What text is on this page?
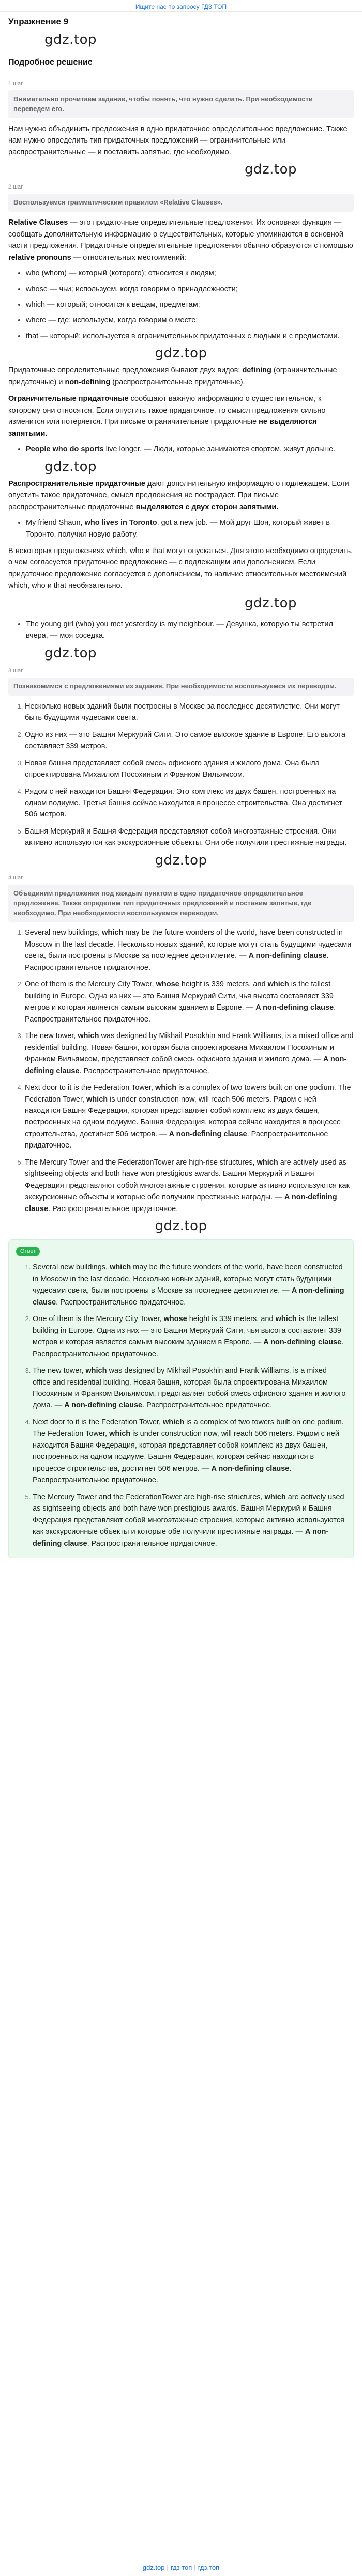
Ищите нас по запросу ГДЗ ТОП
Упражнение 9
gdz.top
Подробное решение
1 шаг
Внимательно прочитаем задание, чтобы понять, что нужно сделать. При необходимости переведем его.

Нам нужно объединить предложения в одно придаточное определительное предложение. Также нам нужно определить тип придаточных предложений — ограничительные или распространительные — и поставить запятые, где необходимо.

gdz.top
2 шаг
Воспользуемся грамматическим правилом «Relative Clauses».

Relative Clauses — это придаточные определительные предложения. Их основная функция — сообщать дополнительную информацию о существительных, которые упоминаются в основной части предложения. Придаточные определительные предложения обычно образуются с помощью relative pronouns — относительных местоимений:

• who (whom) — который (которого); относится к людям;
• whose — чьи; используем, когда говорим о принадлежности;
• which — который; относится к вещам, предметам;
• where — где; используем, когда говорим о месте;
• that — который; используется в ограничительных придаточных с людьми и с предметами.
gdz.top

Придаточные определительные предложения бывают двух видов: defining (ограничительные придаточные) и non-defining (распространительные придаточные).

Ограничительные придаточные сообщают важную информацию о существительном, к которому они относятся. Если опустить такое придаточное, то смысл предложения сильно изменится или потеряется. При письме ограничительные придаточные не выделяются запятыми.

• People who do sports live longer. — Люди, которые занимаются спортом, живут дольше.
gdz.top

Распространительные придаточные дают дополнительную информацию о подлежащем. Если опустить такое придаточное, смысл предложения не пострадает. При письме распространительные придаточные выделяются с двух сторон запятыми.

• My friend Shaun, who lives in Toronto, got a new job. — Мой друг Шон, который живет в Торонто, получил новую работу.

В некоторых предложениях which, who и that могут опускаться. Для этого необходимо определить, о чем согласуется придаточное предложение — с подлежащим или дополнением. Если придаточное предложение согласуется с дополнением, то наличие относительных местоимений which, who и that необязательно.

gdz.top
• The young girl (who) you met yesterday is my neighbour. — Девушка, которую ты встретил вчера, — моя соседка.
gdz.top
3 шаг
Познакомимся с предложениями из задания. При необходимости воспользуемся их переводом.
1. Несколько новых зданий были построены в Москве за последнее десятилетие. Они могут быть будущими чудесами света.
2. Одно из них — это Башня Меркурий Сити. Это самое высокое здание в Европе. Его высота составляет 339 метров.
3. Новая башня представляет собой смесь офисного здания и жилого дома. Она была спроектирована Михаилом Посохиным и Франком Вильямсом.
4. Рядом с ней находится Башня Федерация. Это комплекс из двух башен, построенных на одном подиуме. Третья башня сейчас находится в процессе строительства. Она достигнет 506 метров.
5. Башня Меркурий и Башня Федерация представляют собой многоэтажные строения. Они активно используются как экскурсионные объекты. Они обе получили престижные награды.
gdz.top
4 шаг
Объединим предложения под каждым пунктом в одно придаточное определительное предложение. Также определим тип придаточных предложений и поставим запятые, где необходимо. При необходимости воспользуемся переводом.
1. Several new buildings, which may be the future wonders of the world, have been constructed in Moscow in the last decade. Несколько новых зданий, которые могут стать будущими чудесами света, были построены в Москве за последнее десятилетие. — A non-defining clause. Распространительное придаточное.
2. One of them is the Mercury City Tower, whose height is 339 meters, and which is the tallest building in Europe. Одна из них — это Башня Меркурий Сити, чья высота составляет 339 метров и которая является самым высоким зданием в Европе. — A non-defining clause. Распространительное придаточное.
3. The new tower, which was designed by Mikhail Posokhin and Frank Williams, is a mixed office and residential building. Новая башня, которая была спроектирована Михаилом Посохиным и Франком Вильямсом, представляет собой смесь офисного здания и жилого дома. — A non-defining clause. Распространительное придаточное.
4. Next door to it is the Federation Tower, which is a complex of two towers built on one podium. The Federation Tower, which is under construction now, will reach 506 meters. Рядом с ней находится Башня Федерация, которая представляет собой комплекс из двух башен, построенных на одном подиуме. Башня Федерация, которая сейчас находится в процессе строительства, достигнет 506 метров. — A non-defining clause. Распространительное придаточное.
5. The Mercury Tower and the FederationTower are high-rise structures, which are actively used as sightseeing objects and both have won prestigious awards. Башня Меркурий и Башня Федерация представляют собой многоэтажные строения, которые активно используются как экскурсионные объекты и которые обе получили престижные награды. — A non-defining clause. Распространительное придаточное.
gdz.top
Ответ
1. Several new buildings, which may be the future wonders of the world, have been constructed in Moscow in the last decade. Несколько новых зданий, которые могут стать будущими чудесами света, были построены в Москве за последнее десятилетие. — A non-defining clause. Распространительное придаточное.
2. One of them is the Mercury City Tower, whose height is 339 meters, and which is the tallest building in Europe. Одна из них — это Башня Меркурий Сити, чья высота составляет 339 метров и которая является самым высоким зданием в Европе. — A non-defining clause. Распространительное придаточное.
3. The new tower, which was designed by Mikhail Posokhin and Frank Williams, is a mixed office and residential building. Новая башня, которая была спроектирована Михаилом Посохиным и Франком Вильямсом, представляет собой смесь офисного здания и жилого дома. — A non-defining clause. Распространительное придаточное.
4. Next door to it is the Federation Tower, which is a complex of two towers built on one podium. The Federation Tower, which is under construction now, will reach 506 meters. Рядом с ней находится Башня Федерация, которая представляет собой комплекс из двух башен, построенных на одном подиуме. Башня Федерация, которая сейчас находится в процессе строительства, достигнет 506 метров. — A non-defining clause. Распространительное придаточное.
5. The Mercury Tower and the FederationTower are high-rise structures, which are actively used as sightseeing objects and both have won prestigious awards. Башня Меркурий и Башня Федерация представляют собой многоэтажные строения, которые активно используются как экскурсионные объекты и которые обе получили престижные награды. — A non-defining clause. Распространительное придаточное.
gdz.top | гдз топ | гдз.топ
